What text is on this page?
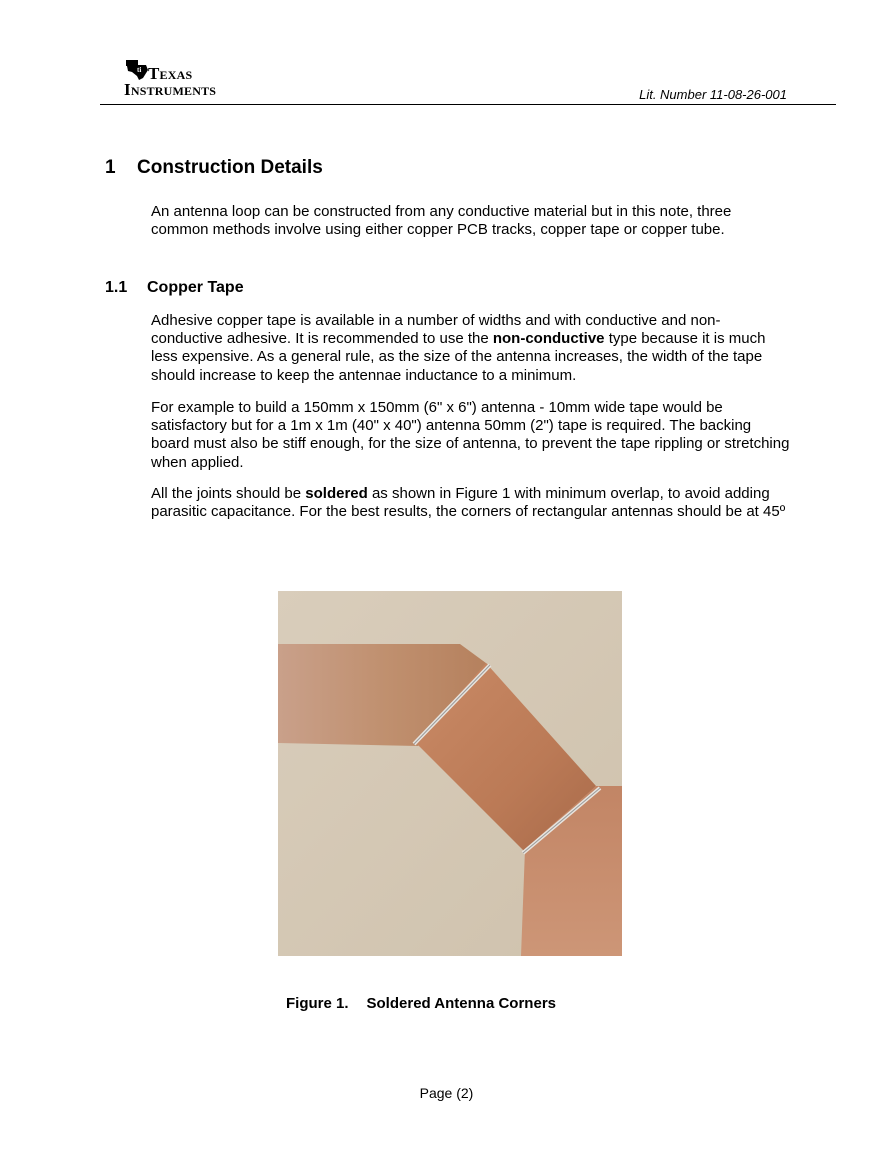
ti TEXAS
INSTRUMENTS	Lit. Number 11-08-26-001
1 Construction Details
An antenna loop can be constructed from any conductive material but in this note, three common methods involve using either copper PCB tracks, copper tape or copper tube.
1.1 Copper Tape
Adhesive copper tape is available in a number of widths and with conductive and non-conductive adhesive. It is recommended to use the non-conductive type because it is much less expensive. As a general rule, as the size of the antenna increases, the width of the tape should increase to keep the antennae inductance to a minimum.
For example to build a 150mm x 150mm (6" x 6") antenna - 10mm wide tape would be satisfactory but for a 1m x 1m (40" x 40") antenna 50mm (2") tape is required. The backing board must also be stiff enough, for the size of antenna, to prevent the tape rippling or stretching when applied.
All the joints should be soldered as shown in Figure 1 with minimum overlap, to avoid adding parasitic capacitance. For the best results, the corners of rectangular antennas should be at 45º
Figure 1. Soldered Antenna Corners
Page (2)
